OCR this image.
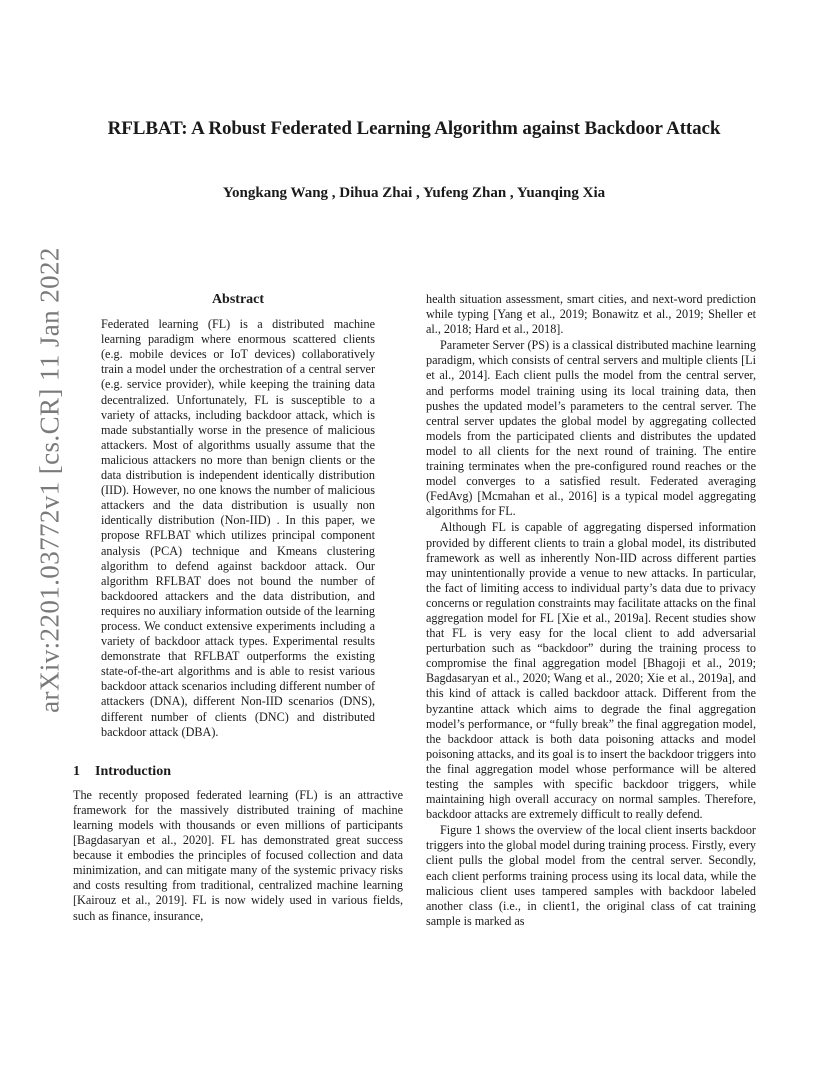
RFLBAT: A Robust Federated Learning Algorithm against Backdoor Attack
Yongkang Wang , Dihua Zhai , Yufeng Zhan , Yuanqing Xia
arXiv:2201.03772v1 [cs.CR] 11 Jan 2022	Abstract

Federated learning (FL) is a distributed machine learning paradigm where enormous scattered clients (e.g. mobile devices or IoT devices) collaboratively train a model under the orchestration of a central server (e.g. service provider), while keeping the training data decentralized. Unfortunately, FL is susceptible to a variety of attacks, including backdoor attack, which is made substantially worse in the presence of malicious attackers. Most of algorithms usually assume that the malicious attackers no more than benign clients or the data distribution is independent identically distribution (IID). However, no one knows the number of malicious attackers and the data distribution is usually non identically distribution (Non-IID) . In this paper, we propose RFLBAT which utilizes principal component analysis (PCA) technique and Kmeans clustering algorithm to defend against backdoor attack. Our algorithm RFLBAT does not bound the number of backdoored attackers and the data distribution, and requires no auxiliary information outside of the learning process. We conduct extensive experiments including a variety of backdoor attack types. Experimental results demonstrate that RFLBAT outperforms the existing state-of-the-art algorithms and is able to resist various backdoor attack scenarios including different number of attackers (DNA), different Non-IID scenarios (DNS), different number of clients (DNC) and distributed backdoor attack (DBA).

1 Introduction

The recently proposed federated learning (FL) is an attractive framework for the massively distributed training of machine learning models with thousands or even millions of participants [Bagdasaryan et al., 2020]. FL has demonstrated great success because it embodies the principles of focused collection and data minimization, and can mitigate many of the systemic privacy risks and costs resulting from traditional, centralized machine learning [Kairouz et al., 2019]. FL is now widely used in various fields, such as finance, insurance,

health situation assessment, smart cities, and next-word prediction while typing [Yang et al., 2019; Bonawitz et al., 2019; Sheller et al., 2018; Hard et al., 2018].

Parameter Server (PS) is a classical distributed machine learning paradigm, which consists of central servers and multiple clients [Li et al., 2014]. Each client pulls the model from the central server, and performs model training using its local training data, then pushes the updated model’s parameters to the central server. The central server updates the global model by aggregating collected models from the participated clients and distributes the updated model to all clients for the next round of training. The entire training terminates when the pre-configured round reaches or the model converges to a satisfied result. Federated averaging (FedAvg) [Mcmahan et al., 2016] is a typical model aggregating algorithms for FL.

Although FL is capable of aggregating dispersed information provided by different clients to train a global model, its distributed framework as well as inherently Non-IID across different parties may unintentionally provide a venue to new attacks. In particular, the fact of limiting access to individual party’s data due to privacy concerns or regulation constraints may facilitate attacks on the final aggregation model for FL [Xie et al., 2019a]. Recent studies show that FL is very easy for the local client to add adversarial perturbation such as “backdoor” during the training process to compromise the final aggregation model [Bhagoji et al., 2019; Bagdasaryan et al., 2020; Wang et al., 2020; Xie et al., 2019a], and this kind of attack is called backdoor attack. Different from the byzantine attack which aims to degrade the final aggregation model’s performance, or “fully break” the final aggregation model, the backdoor attack is both data poisoning attacks and model poisoning attacks, and its goal is to insert the backdoor triggers into the final aggregation model whose performance will be altered testing the samples with specific backdoor triggers, while maintaining high overall accuracy on normal samples. Therefore, backdoor attacks are extremely difficult to really defend.

Figure 1 shows the overview of the local client inserts backdoor triggers into the global model during training process. Firstly, every client pulls the global model from the central server. Secondly, each client performs training process using its local data, while the malicious client uses tampered samples with backdoor labeled another class (i.e., in client1, the original class of cat training sample is marked as
